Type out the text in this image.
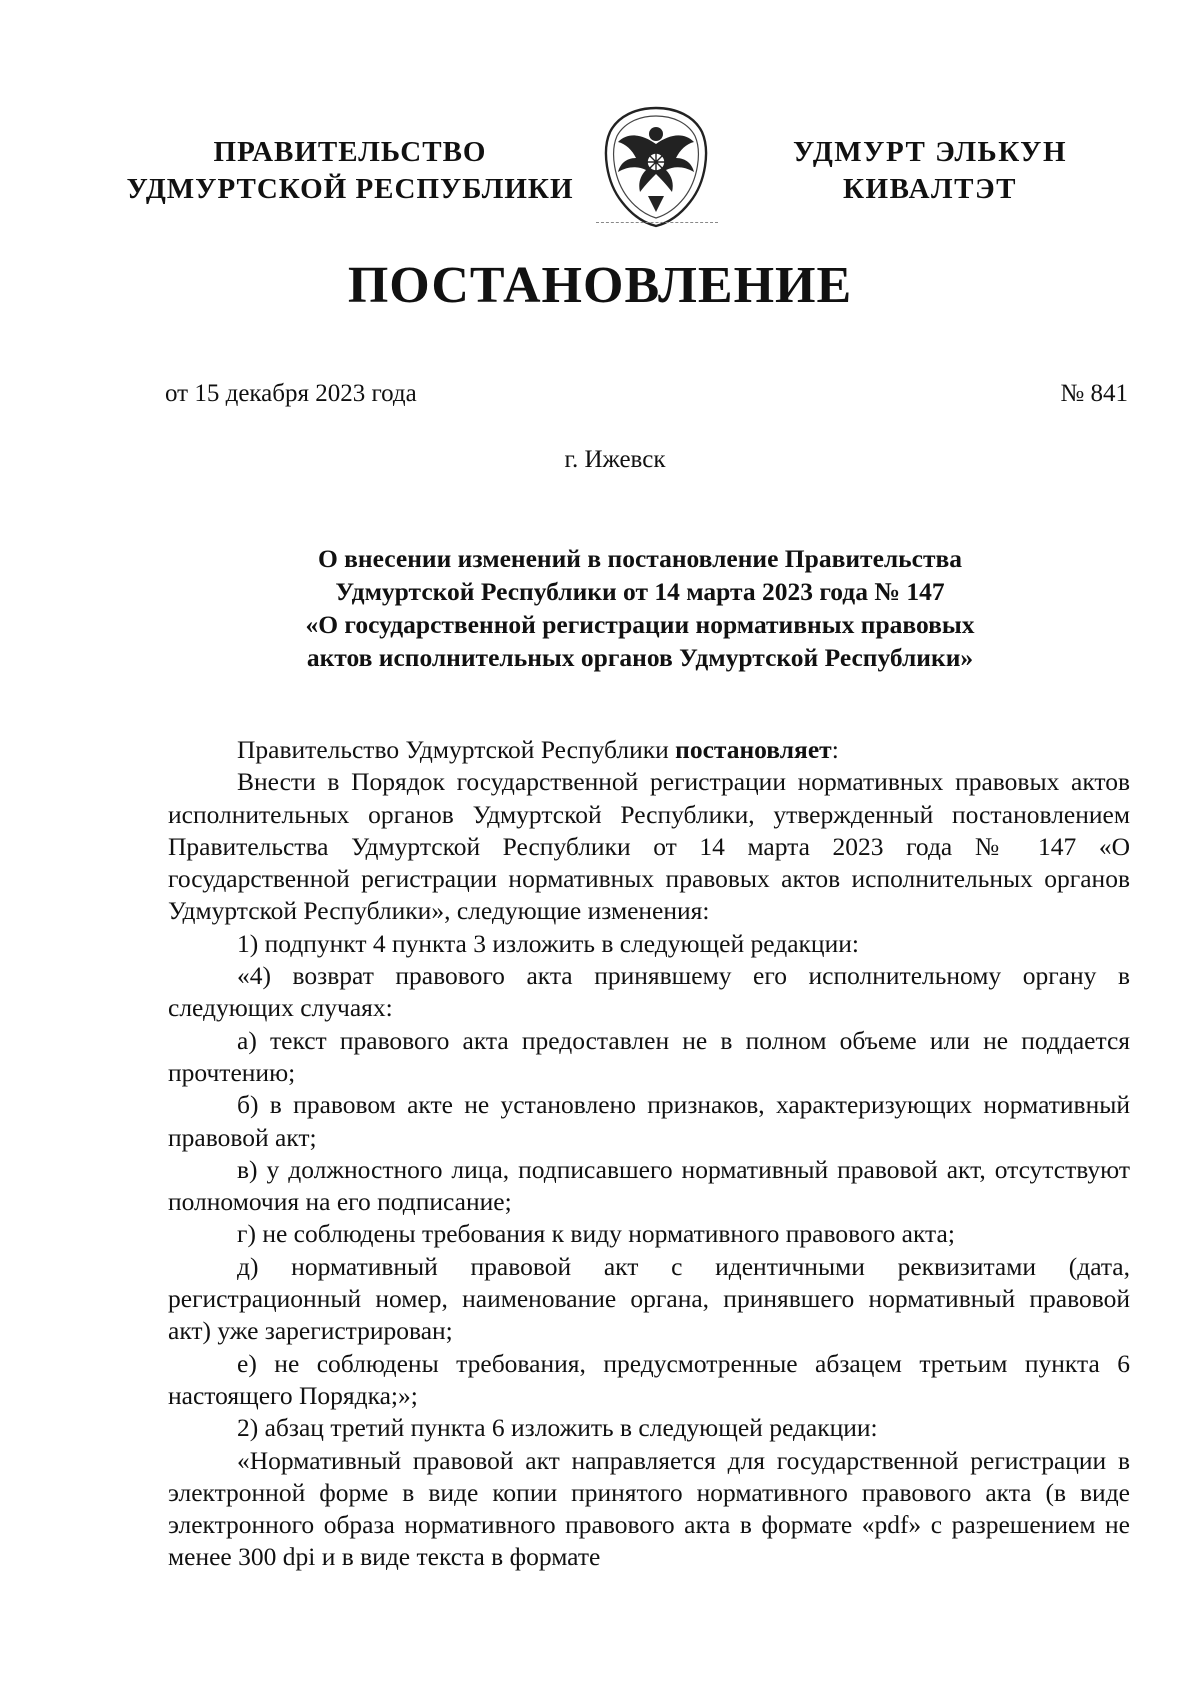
ПРАВИТЕЛЬСТВО
УДМУРТСКОЙ РЕСПУБЛИКИ
УДМУРТ ЭЛЬКУН
КИВАЛТЭТ
ПОСТАНОВЛЕНИЕ
от 15 декабря 2023 года	№ 841
г. Ижевск
О внесении изменений в постановление Правительства
Удмуртской Республики от 14 марта 2023 года № 147
«О государственной регистрации нормативных правовых
актов исполнительных органов Удмуртской Республики»

Правительство Удмуртской Республики постановляет:

Внести в Порядок государственной регистрации нормативных правовых актов исполнительных органов Удмуртской Республики, утвержденный постановлением Правительства Удмуртской Республики от 14 марта 2023 года № 147 «О государственной регистрации нормативных правовых актов исполнительных органов Удмуртской Республики», следующие изменения:

1) подпункт 4 пункта 3 изложить в следующей редакции:

«4) возврат правового акта принявшему его исполнительному органу в следующих случаях:

а) текст правового акта предоставлен не в полном объеме или не поддается прочтению;

б) в правовом акте не установлено признаков, характеризующих нормативный правовой акт;

в) у должностного лица, подписавшего нормативный правовой акт, отсутствуют полномочия на его подписание;

г) не соблюдены требования к виду нормативного правового акта;

д) нормативный правовой акт с идентичными реквизитами (дата, регистрационный номер, наименование органа, принявшего нормативный правовой акт) уже зарегистрирован;

е) не соблюдены требования, предусмотренные абзацем третьим пункта 6 настоящего Порядка;»;

2) абзац третий пункта 6 изложить в следующей редакции:

«Нормативный правовой акт направляется для государственной регистрации в электронной форме в виде копии принятого нормативного правового акта (в виде электронного образа нормативного правового акта в формате «pdf» с разрешением не менее 300 dpi и в виде текста в формате
